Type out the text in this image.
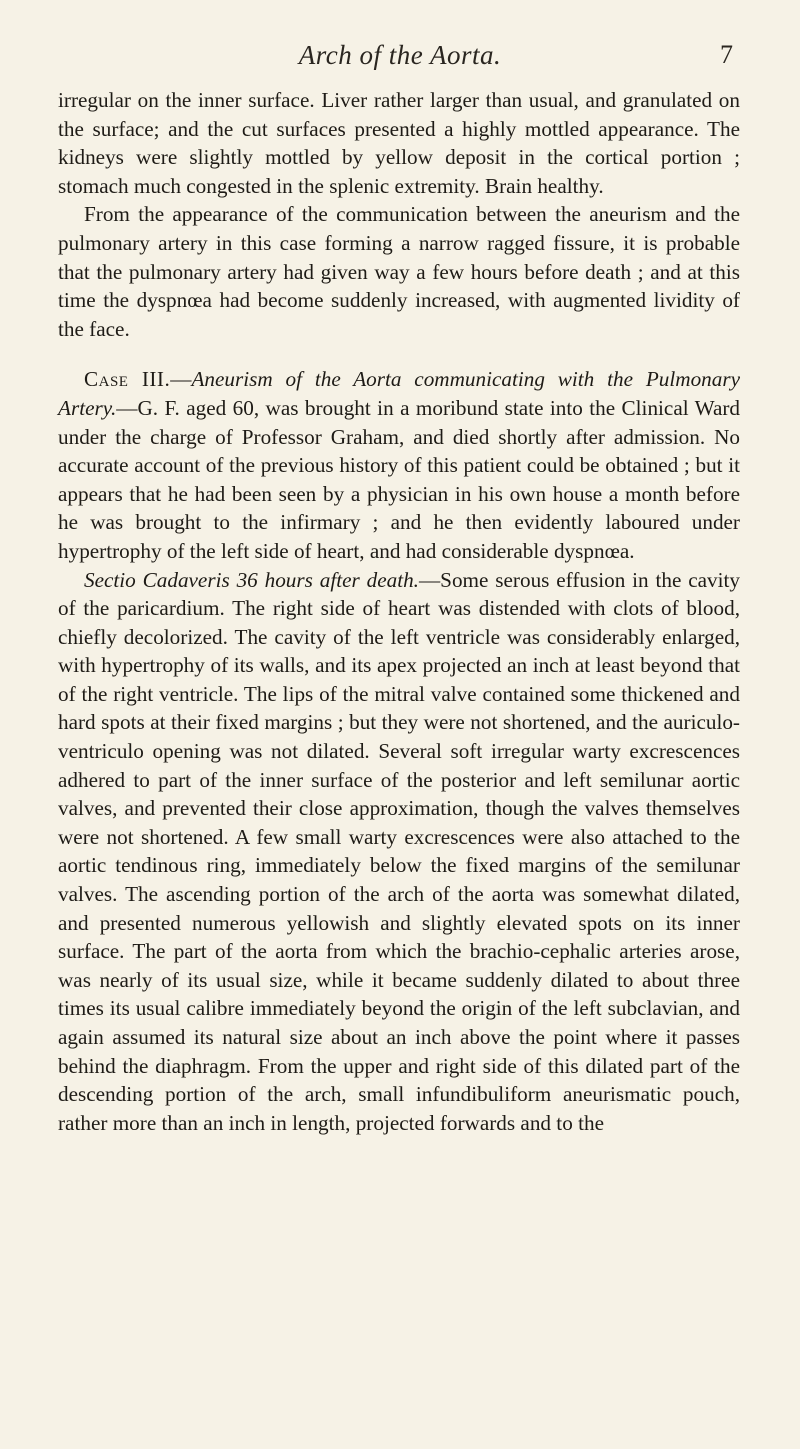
Arch of the Aorta.	7

irregular on the inner surface. Liver rather larger than usual, and granulated on the surface; and the cut surfaces presented a highly mottled appearance. The kidneys were slightly mottled by yellow deposit in the cortical portion ; stomach much congested in the splenic extremity. Brain healthy.

From the appearance of the communication between the aneurism and the pulmonary artery in this case forming a narrow ragged fissure, it is probable that the pulmonary artery had given way a few hours before death ; and at this time the dyspnœa had become suddenly increased, with augmented lividity of the face.

Case III.—Aneurism of the Aorta communicating with the Pulmonary Artery.—G. F. aged 60, was brought in a moribund state into the Clinical Ward under the charge of Professor Graham, and died shortly after admission. No accurate account of the previous history of this patient could be obtained ; but it appears that he had been seen by a physician in his own house a month before he was brought to the infirmary ; and he then evidently laboured under hypertrophy of the left side of heart, and had considerable dyspnœa.

Sectio Cadaveris 36 hours after death.—Some serous effusion in the cavity of the paricardium. The right side of heart was distended with clots of blood, chiefly decolorized. The cavity of the left ventricle was considerably enlarged, with hypertrophy of its walls, and its apex projected an inch at least beyond that of the right ventricle. The lips of the mitral valve contained some thickened and hard spots at their fixed margins ; but they were not shortened, and the auriculo-ventriculo opening was not dilated. Several soft irregular warty excrescences adhered to part of the inner surface of the posterior and left semilunar aortic valves, and prevented their close approximation, though the valves themselves were not shortened. A few small warty excrescences were also attached to the aortic tendinous ring, immediately below the fixed margins of the semilunar valves. The ascending portion of the arch of the aorta was somewhat dilated, and presented numerous yellowish and slightly elevated spots on its inner surface. The part of the aorta from which the brachio-cephalic arteries arose, was nearly of its usual size, while it became suddenly dilated to about three times its usual calibre immediately beyond the origin of the left subclavian, and again assumed its natural size about an inch above the point where it passes behind the diaphragm. From the upper and right side of this dilated part of the descending portion of the arch, small infundibuliform aneurismatic pouch, rather more than an inch in length, projected forwards and to the
